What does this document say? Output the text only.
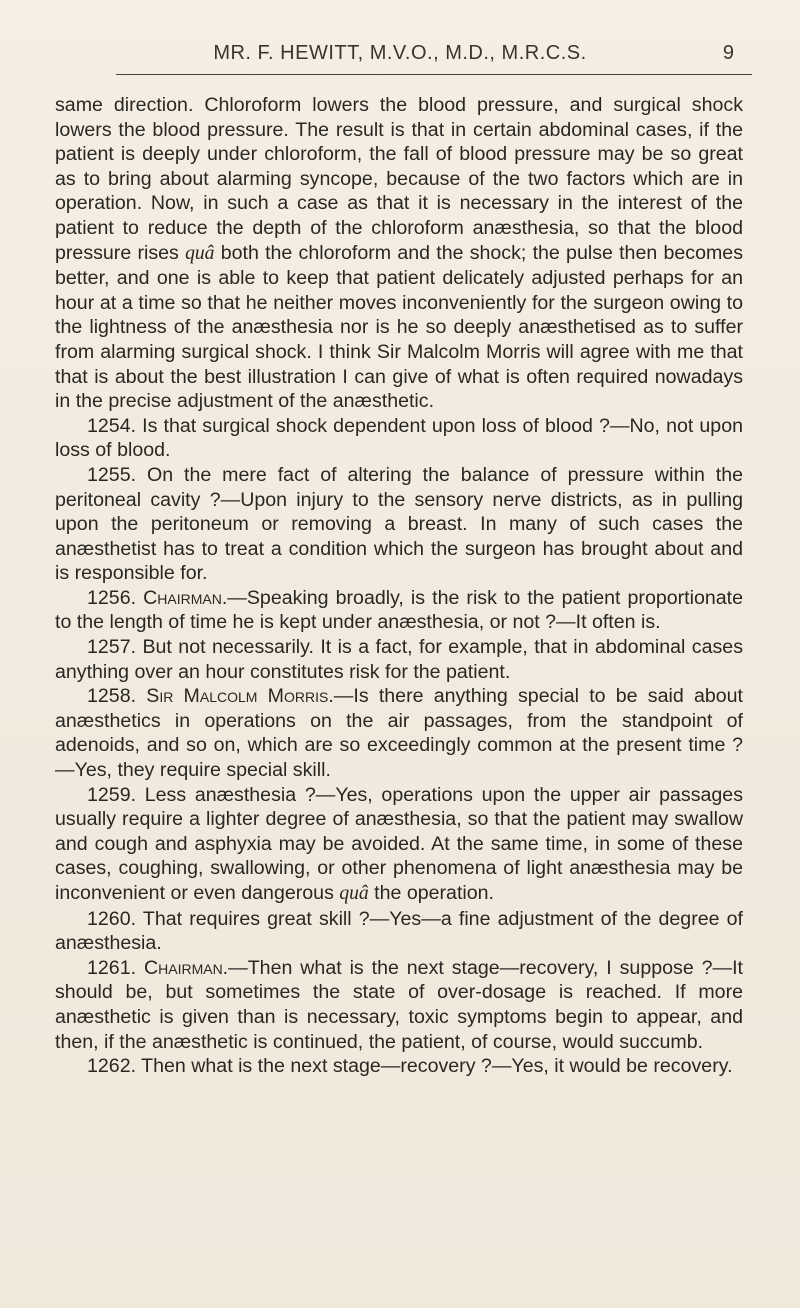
MR. F. HEWITT, M.V.O., M.D., M.R.C.S.	9

same direction. Chloroform lowers the blood pressure, and surgical shock lowers the blood pressure. The result is that in certain abdominal cases, if the patient is deeply under chloroform, the fall of blood pressure may be so great as to bring about alarming syncope, because of the two factors which are in operation. Now, in such a case as that it is necessary in the interest of the patient to reduce the depth of the chloroform anæsthesia, so that the blood pressure rises quâ both the chloroform and the shock; the pulse then becomes better, and one is able to keep that patient delicately adjusted perhaps for an hour at a time so that he neither moves inconveniently for the surgeon owing to the lightness of the anæsthesia nor is he so deeply anæsthetised as to suffer from alarming surgical shock. I think Sir Malcolm Morris will agree with me that that is about the best illustration I can give of what is often required nowadays in the precise adjustment of the anæsthetic.

1254. Is that surgical shock dependent upon loss of blood ?—No, not upon loss of blood.

1255. On the mere fact of altering the balance of pressure within the peritoneal cavity ?—Upon injury to the sensory nerve districts, as in pulling upon the peritoneum or removing a breast. In many of such cases the anæsthetist has to treat a condition which the surgeon has brought about and is responsible for.

1256. Chairman.—Speaking broadly, is the risk to the patient proportionate to the length of time he is kept under anæsthesia, or not ?—It often is.

1257. But not necessarily. It is a fact, for example, that in abdominal cases anything over an hour constitutes risk for the patient.

1258. Sir Malcolm Morris.—Is there anything special to be said about anæsthetics in operations on the air passages, from the standpoint of adenoids, and so on, which are so exceedingly common at the present time ?—Yes, they require special skill.

1259. Less anæsthesia ?—Yes, operations upon the upper air passages usually require a lighter degree of anæsthesia, so that the patient may swallow and cough and asphyxia may be avoided. At the same time, in some of these cases, coughing, swallowing, or other phenomena of light anæsthesia may be inconvenient or even dangerous quâ the operation.

1260. That requires great skill ?—Yes—a fine adjustment of the degree of anæsthesia.

1261. Chairman.—Then what is the next stage—recovery, I suppose ?—It should be, but sometimes the state of over-dosage is reached. If more anæsthetic is given than is necessary, toxic symptoms begin to appear, and then, if the anæsthetic is continued, the patient, of course, would succumb.

1262. Then what is the next stage—recovery ?—Yes, it would be recovery.
